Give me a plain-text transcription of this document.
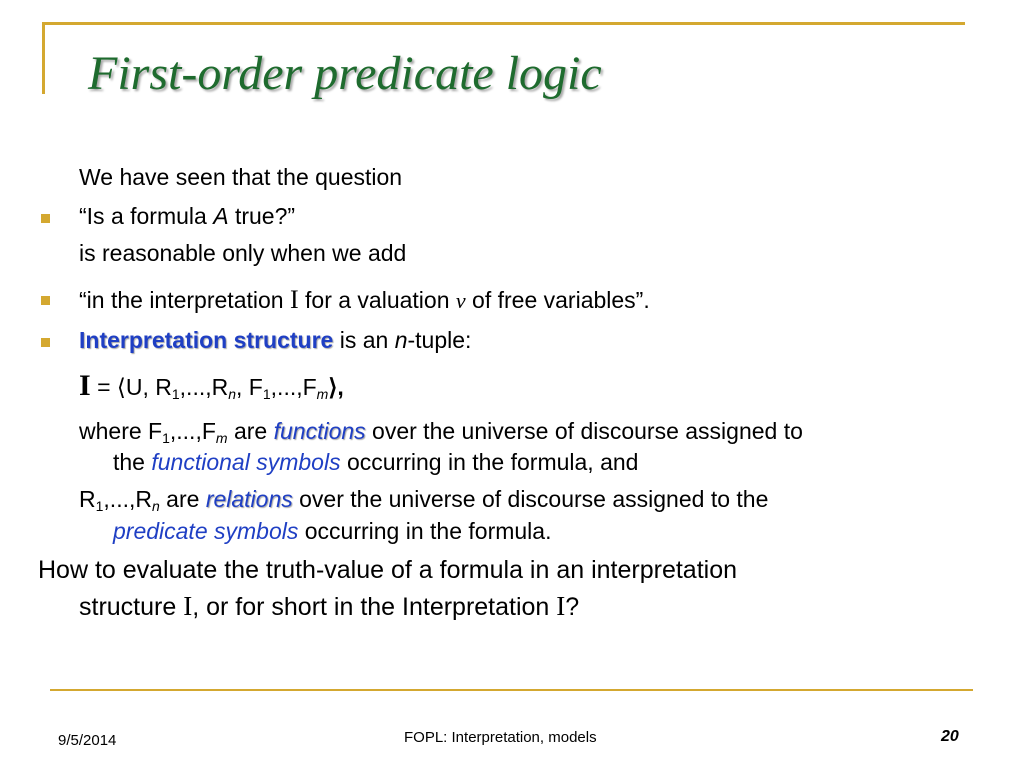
First-order predicate logic
We have seen that the question
“Is a formula A true?”
is reasonable only when we add
“in the interpretation I for a valuation v of free variables”.
Interpretation structure is an n-tuple:
I = ⟨U, $R_1,...,R_n$, $F_1,...,F_m⟩$,
where $F_1,...,F_m$ are functions over the universe of discourse assigned to
the functional symbols occurring in the formula, and
$R_1,...,R_n$ are relations over the universe of discourse assigned to the
predicate symbols occurring in the formula.
How to evaluate the truth-value of a formula in an interpretation
structure I, or for short in the Interpretation I?
9/5/2014	FOPL: Interpretation, models	20
